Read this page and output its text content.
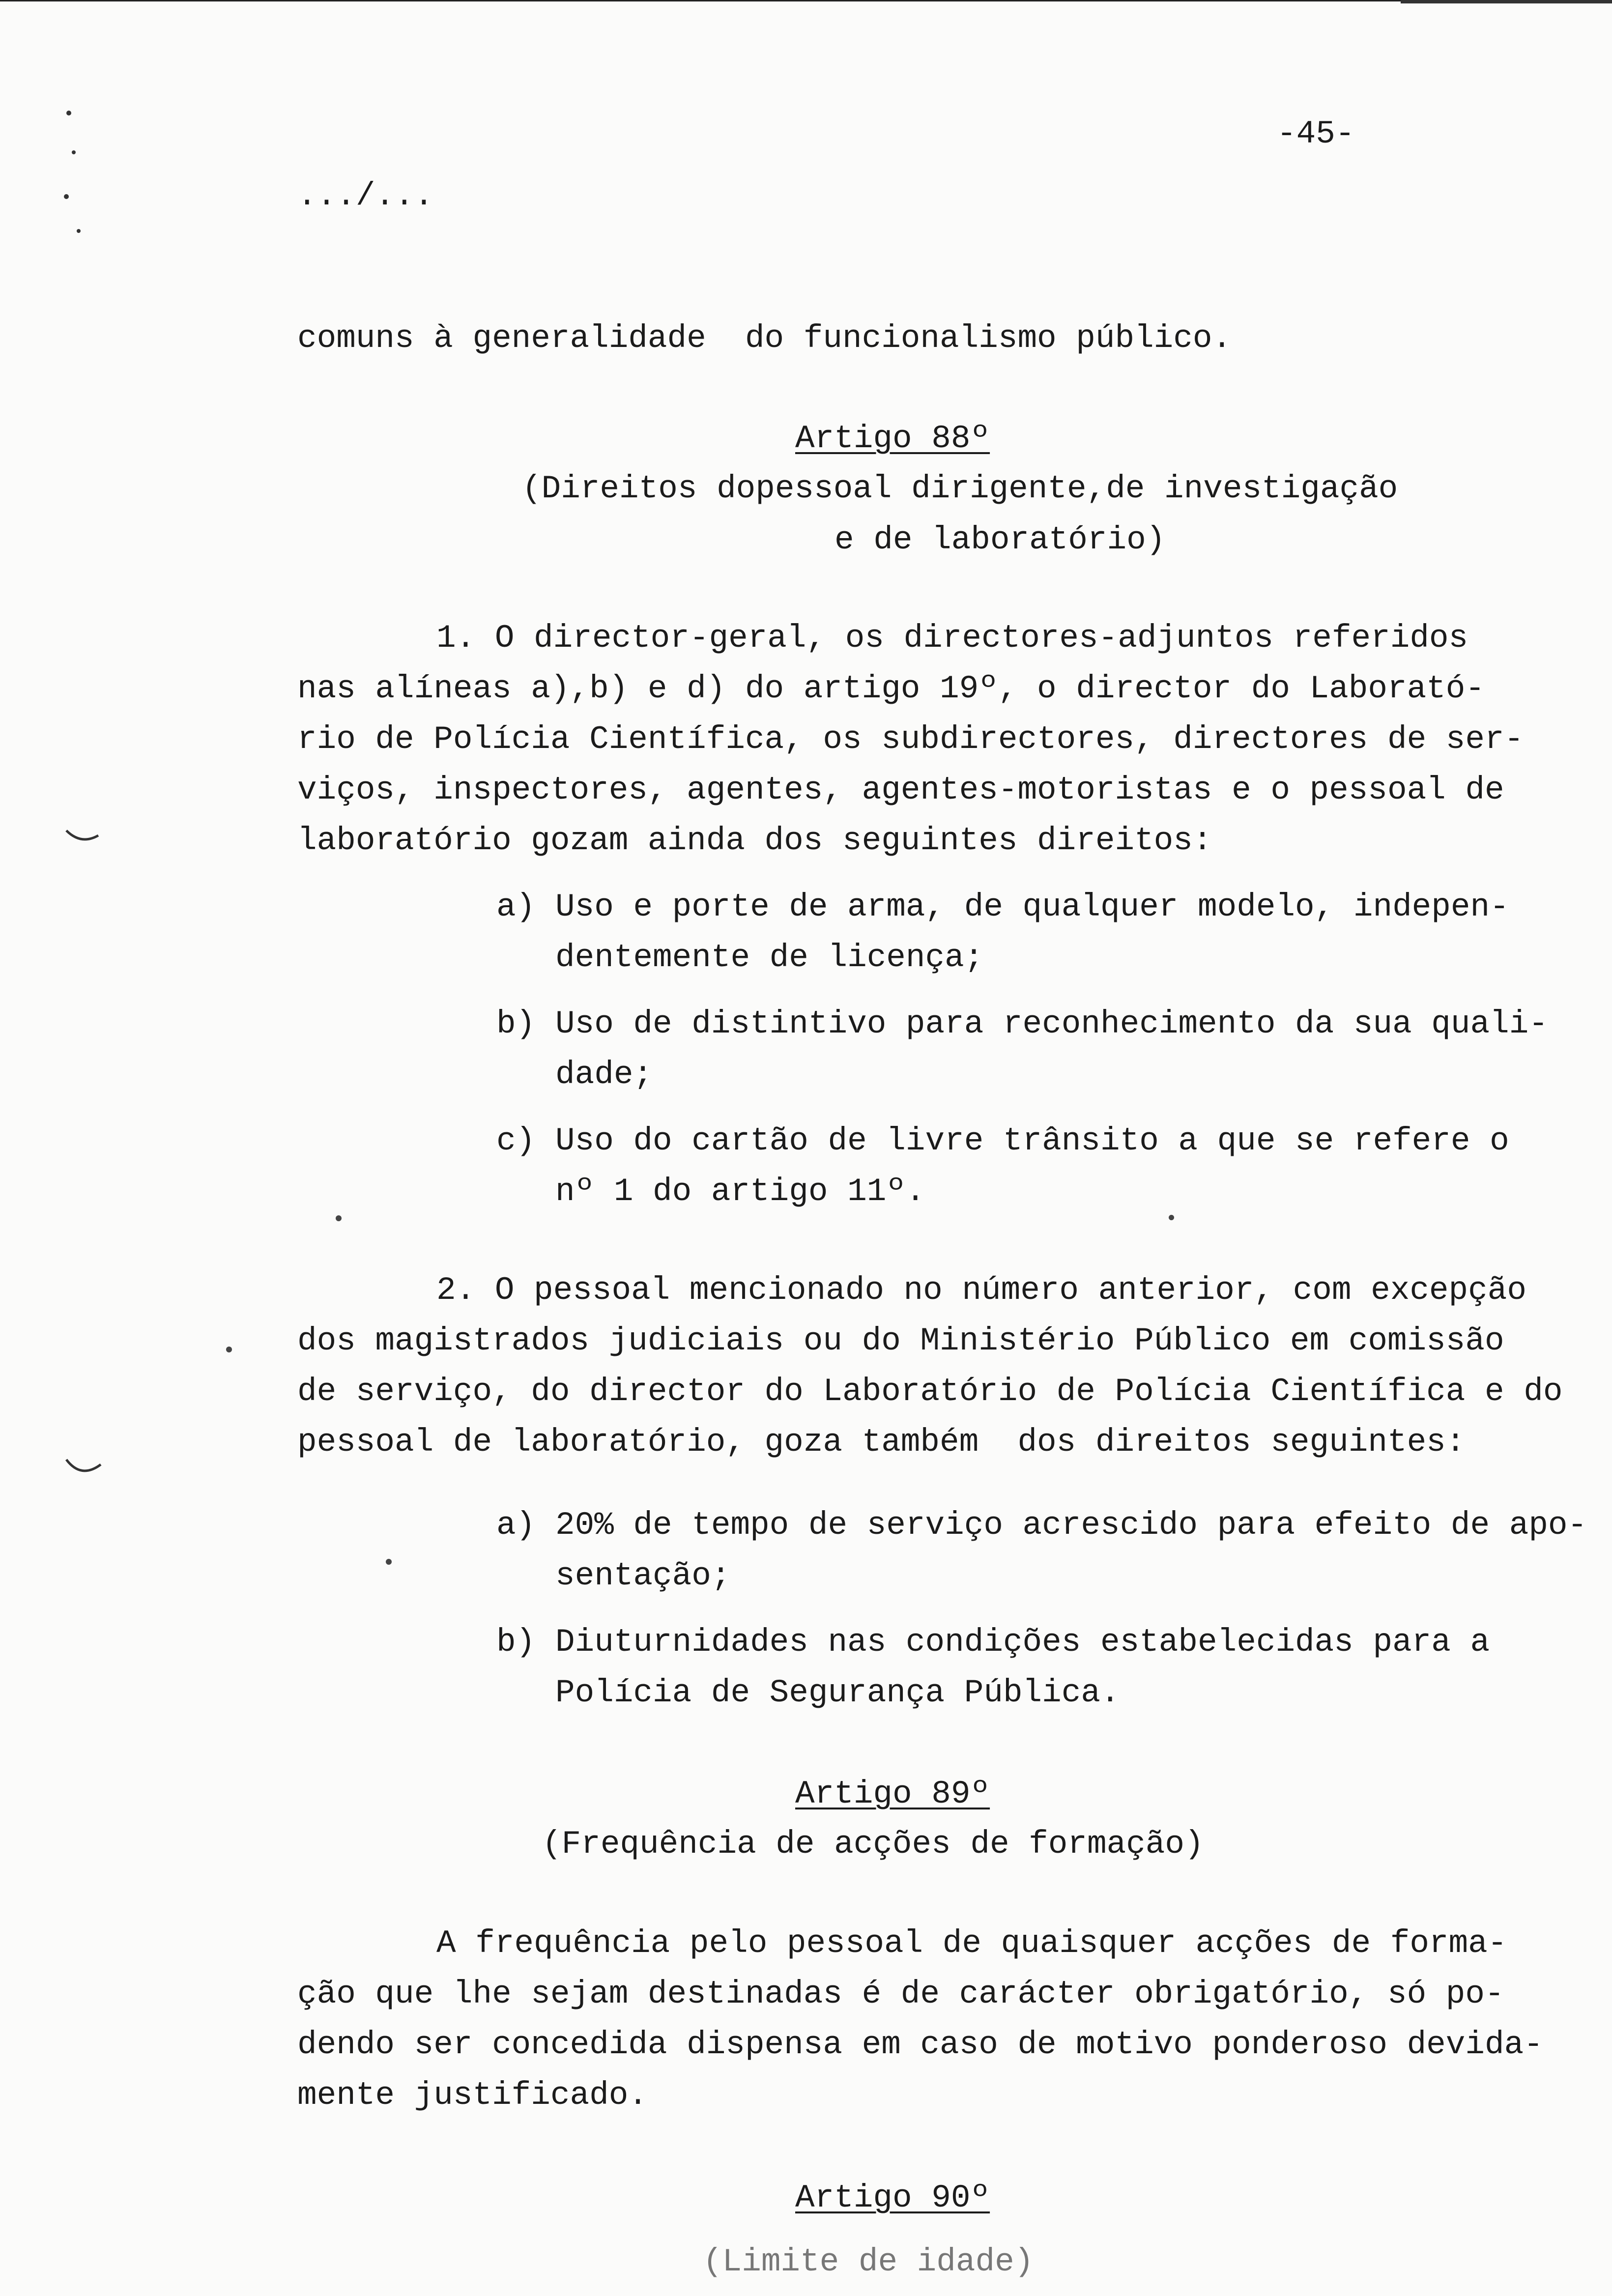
-45-
.../...
comuns à generalidade  do funcionalismo público.
Artigo 88º
(Direitos dopessoal dirigente,de investigação
e de laboratório)
1. O director-geral, os directores-adjuntos referidos
nas alíneas a),b) e d) do artigo 19º, o director do Laborató-
rio de Polícia Científica, os subdirectores, directores de ser-
viços, inspectores, agentes, agentes-motoristas e o pessoal de
laboratório gozam ainda dos seguintes direitos:
a) Uso e porte de arma, de qualquer modelo, indepen-
dentemente de licença;
b) Uso de distintivo para reconhecimento da sua quali-
dade;
c) Uso do cartão de livre trânsito a que se refere o
nº 1 do artigo 11º.
2. O pessoal mencionado no número anterior, com excepção
dos magistrados judiciais ou do Ministério Público em comissão
de serviço, do director do Laboratório de Polícia Científica e do
pessoal de laboratório, goza também  dos direitos seguintes:
a) 20% de tempo de serviço acrescido para efeito de apo-
sentação;
b) Diuturnidades nas condições estabelecidas para a
Polícia de Segurança Pública.
Artigo 89º
(Frequência de acções de formação)
A frequência pelo pessoal de quaisquer acções de forma-
ção que lhe sejam destinadas é de carácter obrigatório, só po-
dendo ser concedida dispensa em caso de motivo ponderoso devida-
mente justificado.
Artigo 90º
(Limite de idade)
